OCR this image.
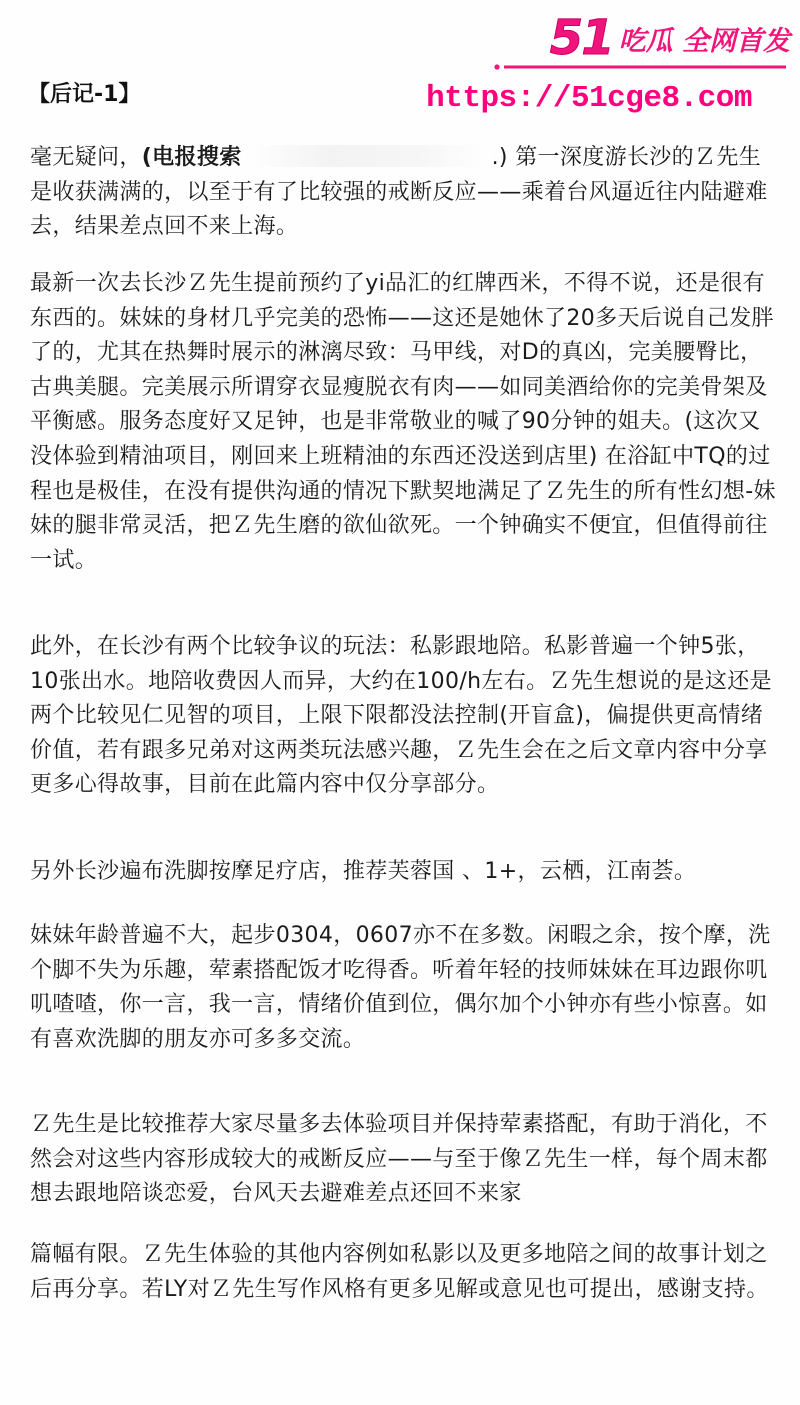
51 吃瓜 全网首发
https://51cge8.com
【后记-1】

毫无疑问，(电报搜索	.) 第一深度游长沙的Ｚ先生是收获满满的，以至于有了比较强的戒断反应——乘着台风逼近往内陆避难去，结果差点回不来上海。

最新一次去长沙Ｚ先生提前预约了yi品汇的红牌西米，不得不说，还是很有东西的。妹妹的身材几乎完美的恐怖——这还是她休了20多天后说自己发胖了的，尤其在热舞时展示的淋漓尽致：马甲线，对D的真凶，完美腰臀比，古典美腿。完美展示所谓穿衣显瘦脱衣有肉——如同美酒给你的完美骨架及平衡感。服务态度好又足钟，也是非常敬业的喊了90分钟的姐夫。(这次又没体验到精油项目，刚回来上班精油的东西还没送到店里) 在浴缸中TQ的过程也是极佳，在没有提供沟通的情况下默契地满足了Ｚ先生的所有性幻想-妹妹的腿非常灵活，把Ｚ先生磨的欲仙欲死。一个钟确实不便宜，但值得前往一试。

此外，在长沙有两个比较争议的玩法：私影跟地陪。私影普遍一个钟5张，10张出水。地陪收费因人而异，大约在100/h左右。Ｚ先生想说的是这还是两个比较见仁见智的项目，上限下限都没法控制(开盲盒)，偏提供更高情绪价值，若有跟多兄弟对这两类玩法感兴趣，Ｚ先生会在之后文章内容中分享更多心得故事，目前在此篇内容中仅分享部分。

另外长沙遍布洗脚按摩足疗店，推荐芙蓉国 、1+，云栖，江南荟。

妹妹年龄普遍不大，起步0304，0607亦不在多数。闲暇之余，按个摩，洗个脚不失为乐趣，荤素搭配饭才吃得香。听着年轻的技师妹妹在耳边跟你叽叽喳喳，你一言，我一言，情绪价值到位，偶尔加个小钟亦有些小惊喜。如有喜欢洗脚的朋友亦可多多交流。

Ｚ先生是比较推荐大家尽量多去体验项目并保持荤素搭配，有助于消化，不然会对这些内容形成较大的戒断反应——与至于像Ｚ先生一样，每个周末都想去跟地陪谈恋爱，台风天去避难差点还回不来家

篇幅有限。Ｚ先生体验的其他内容例如私影以及更多地陪之间的故事计划之后再分享。若LY对Ｚ先生写作风格有更多见解或意见也可提出，感谢支持。
